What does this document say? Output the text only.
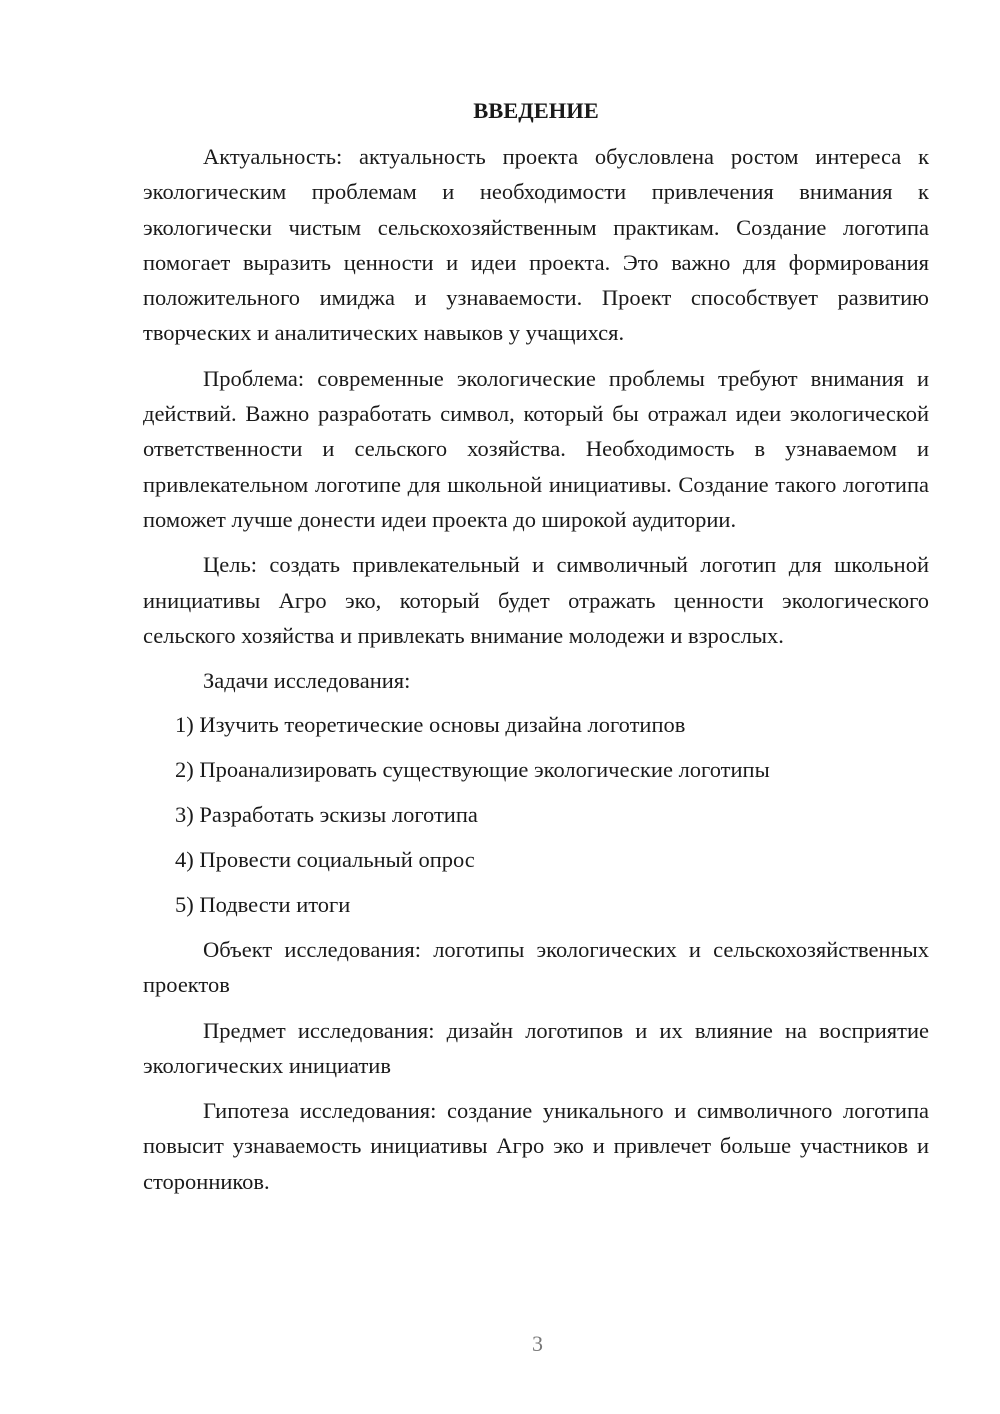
ВВЕДЕНИЕ

Актуальность: актуальность проекта обусловлена ростом интереса к экологическим проблемам и необходимости привлечения внимания к экологически чистым сельскохозяйственным практикам. Создание логотипа помогает выразить ценности и идеи проекта. Это важно для формирования положительного имиджа и узнаваемости. Проект способствует развитию творческих и аналитических навыков у учащихся.

Проблема: современные экологические проблемы требуют внимания и действий. Важно разработать символ, который бы отражал идеи экологической ответственности и сельского хозяйства. Необходимость в узнаваемом и привлекательном логотипе для школьной инициативы. Создание такого логотипа поможет лучше донести идеи проекта до широкой аудитории.

Цель: создать привлекательный и символичный логотип для школьной инициативы Агро эко, который будет отражать ценности экологического сельского хозяйства и привлекать внимание молодежи и взрослых.

Задачи исследования:

1) Изучить теоретические основы дизайна логотипов
2) Проанализировать существующие экологические логотипы
3) Разработать эскизы логотипа
4) Провести социальный опрос
5) Подвести итоги

Объект исследования: логотипы экологических и сельскохозяйственных проектов

Предмет исследования: дизайн логотипов и их влияние на восприятие экологических инициатив

Гипотеза исследования: создание уникального и символичного логотипа повысит узнаваемость инициативы Агро эко и привлечет больше участников и сторонников.

3
